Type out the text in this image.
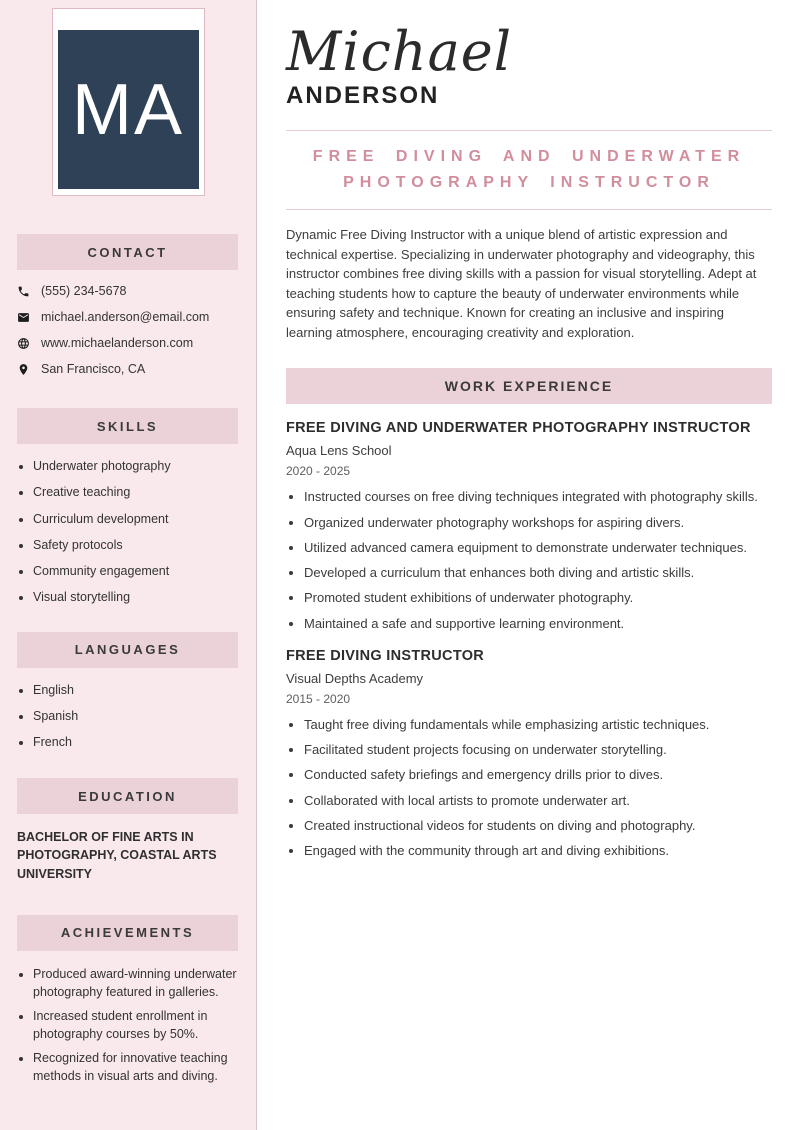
MA
CONTACT
(555) 234-5678
michael.anderson@email.com
www.michaelanderson.com
San Francisco, CA
SKILLS
• Underwater photography
• Creative teaching
• Curriculum development
• Safety protocols
• Community engagement
• Visual storytelling
LANGUAGES
• English
• Spanish
• French
EDUCATION

BACHELOR OF FINE ARTS IN PHOTOGRAPHY, COASTAL ARTS UNIVERSITY

ACHIEVEMENTS
• Produced award-winning underwater photography featured in galleries.
• Increased student enrollment in photography courses by 50%.
• Recognized for innovative teaching methods in visual arts and diving.
Michael
ANDERSON
FREE DIVING AND UNDERWATER PHOTOGRAPHY INSTRUCTOR

Dynamic Free Diving Instructor with a unique blend of artistic expression and technical expertise. Specializing in underwater photography and videography, this instructor combines free diving skills with a passion for visual storytelling. Adept at teaching students how to capture the beauty of underwater environments while ensuring safety and technique. Known for creating an inclusive and inspiring learning atmosphere, encouraging creativity and exploration.

WORK EXPERIENCE
FREE DIVING AND UNDERWATER PHOTOGRAPHY INSTRUCTOR
Aqua Lens School
2020 - 2025
• Instructed courses on free diving techniques integrated with photography skills.
• Organized underwater photography workshops for aspiring divers.
• Utilized advanced camera equipment to demonstrate underwater techniques.
• Developed a curriculum that enhances both diving and artistic skills.
• Promoted student exhibitions of underwater photography.
• Maintained a safe and supportive learning environment.
FREE DIVING INSTRUCTOR
Visual Depths Academy
2015 - 2020
• Taught free diving fundamentals while emphasizing artistic techniques.
• Facilitated student projects focusing on underwater storytelling.
• Conducted safety briefings and emergency drills prior to dives.
• Collaborated with local artists to promote underwater art.
• Created instructional videos for students on diving and photography.
• Engaged with the community through art and diving exhibitions.
